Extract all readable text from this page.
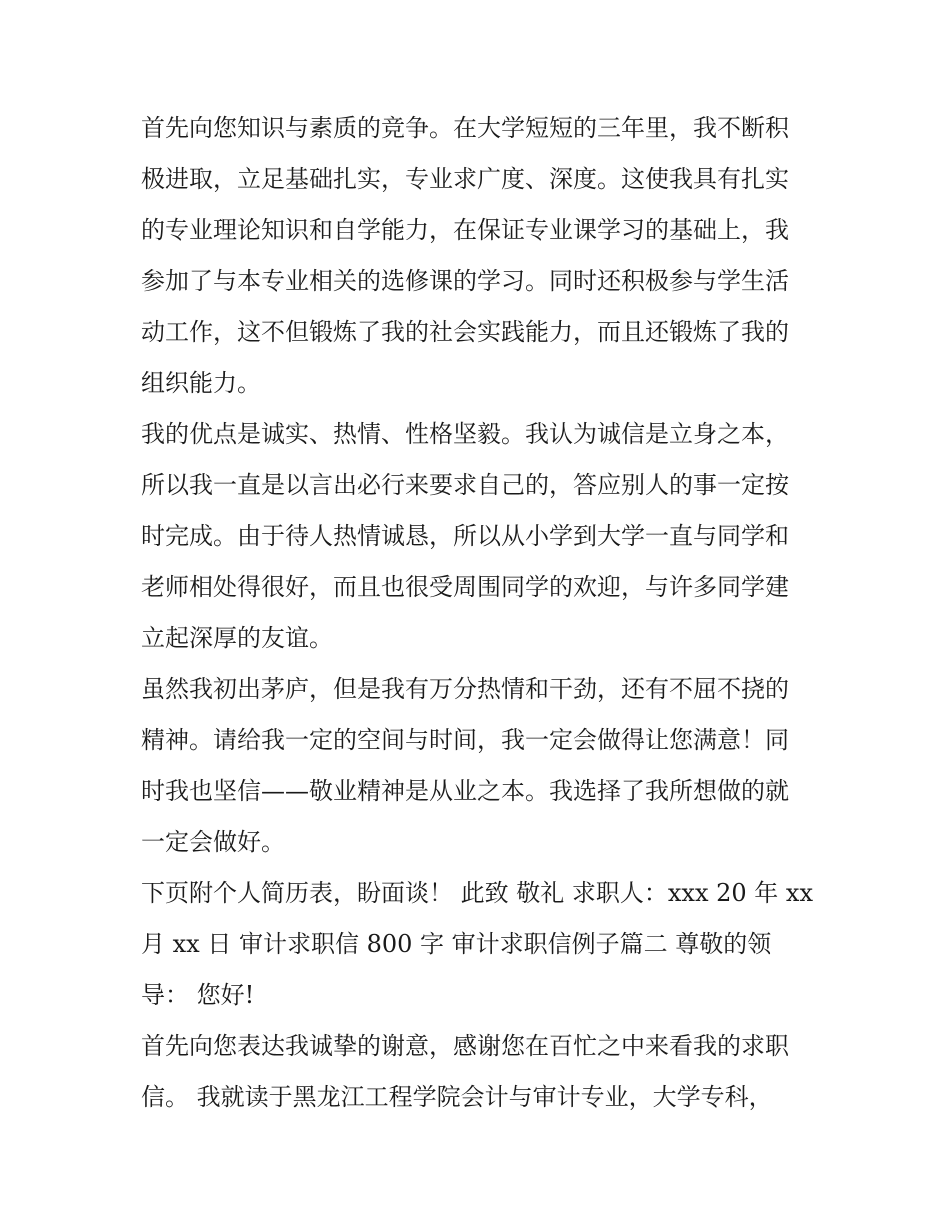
首先向您知识与素质的竞争。在大学短短的三年里，我不断积
极进取，立足基础扎实，专业求广度、深度。这使我具有扎实
的专业理论知识和自学能力，在保证专业课学习的基础上，我
参加了与本专业相关的选修课的学习。同时还积极参与学生活
动工作，这不但锻炼了我的社会实践能力，而且还锻炼了我的
组织能力。
我的优点是诚实、热情、性格坚毅。我认为诚信是立身之本，
所以我一直是以言出必行来要求自己的，答应别人的事一定按
时完成。由于待人热情诚恳，所以从小学到大学一直与同学和
老师相处得很好，而且也很受周围同学的欢迎，与许多同学建
立起深厚的友谊。
虽然我初出茅庐，但是我有万分热情和干劲，还有不屈不挠的
精神。请给我一定的空间与时间，我一定会做得让您满意！同
时我也坚信——敬业精神是从业之本。我选择了我所想做的就
一定会做好。
下页附个人简历表，盼面谈！ 此致 敬礼 求职人：xxx 20 年 xx
月 xx 日 审计求职信 800 字 审计求职信例子篇二 尊敬的领
导： 您好!
首先向您表达我诚挚的谢意，感谢您在百忙之中来看我的求职
信。 我就读于黑龙江工程学院会计与审计专业，大学专科，
